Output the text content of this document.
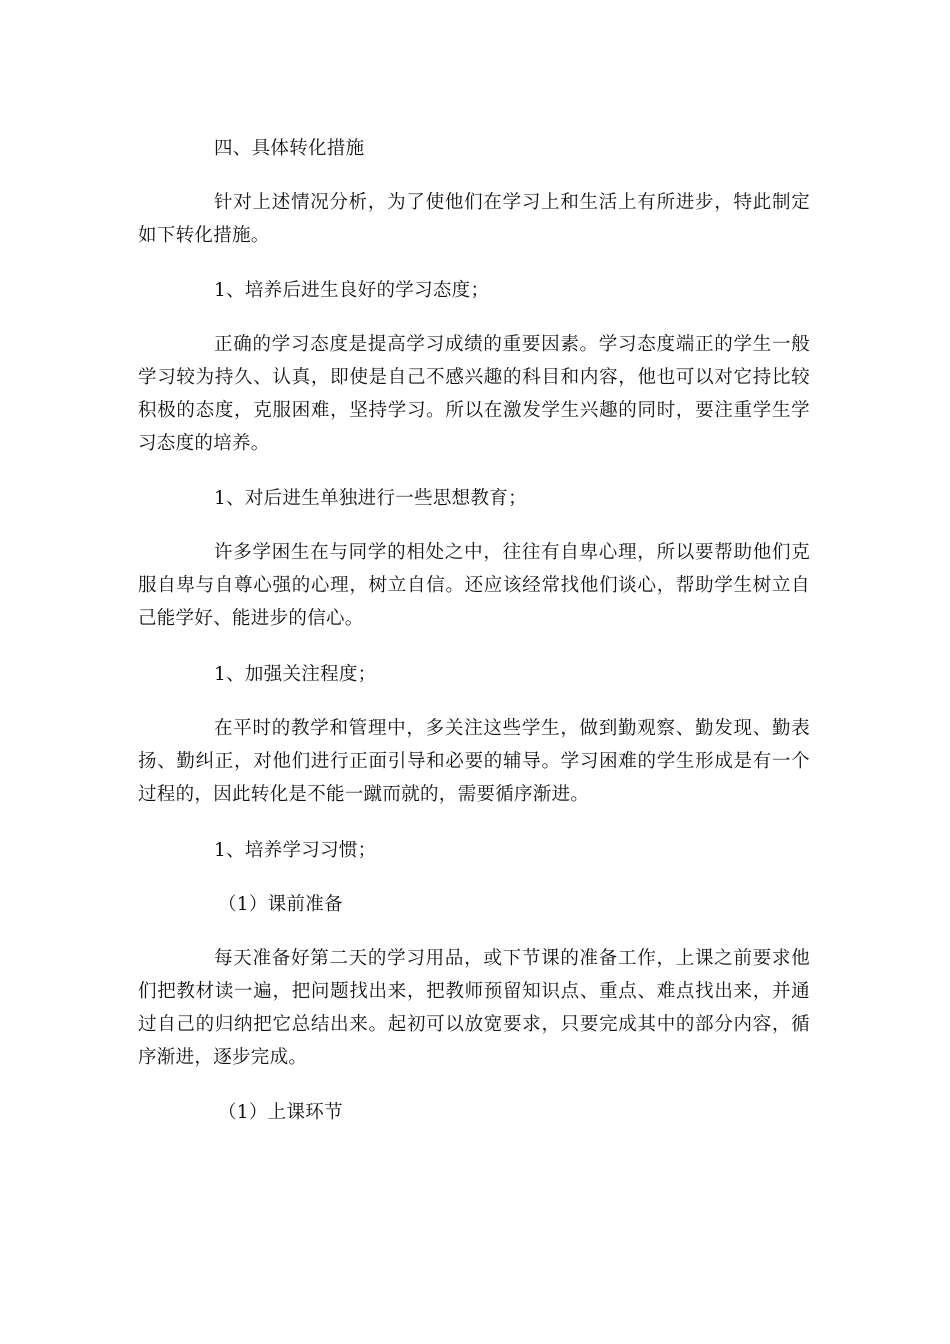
四、具体转化措施

针对上述情况分析，为了使他们在学习上和生活上有所进步，特此制定如下转化措施。

1、培养后进生良好的学习态度；

正确的学习态度是提高学习成绩的重要因素。学习态度端正的学生一般学习较为持久、认真，即使是自己不感兴趣的科目和内容，他也可以对它持比较积极的态度，克服困难，坚持学习。所以在激发学生兴趣的同时，要注重学生学习态度的培养。

1、对后进生单独进行一些思想教育；

许多学困生在与同学的相处之中，往往有自卑心理，所以要帮助他们克服自卑与自尊心强的心理，树立自信。还应该经常找他们谈心，帮助学生树立自己能学好、能进步的信心。

1、加强关注程度；

在平时的教学和管理中，多关注这些学生，做到勤观察、勤发现、勤表扬、勤纠正，对他们进行正面引导和必要的辅导。学习困难的学生形成是有一个过程的，因此转化是不能一蹴而就的，需要循序渐进。

1、培养学习习惯；

（1）课前准备

每天准备好第二天的学习用品，或下节课的准备工作，上课之前要求他们把教材读一遍，把问题找出来，把教师预留知识点、重点、难点找出来，并通过自己的归纳把它总结出来。起初可以放宽要求，只要完成其中的部分内容，循序渐进，逐步完成。

（1）上课环节
